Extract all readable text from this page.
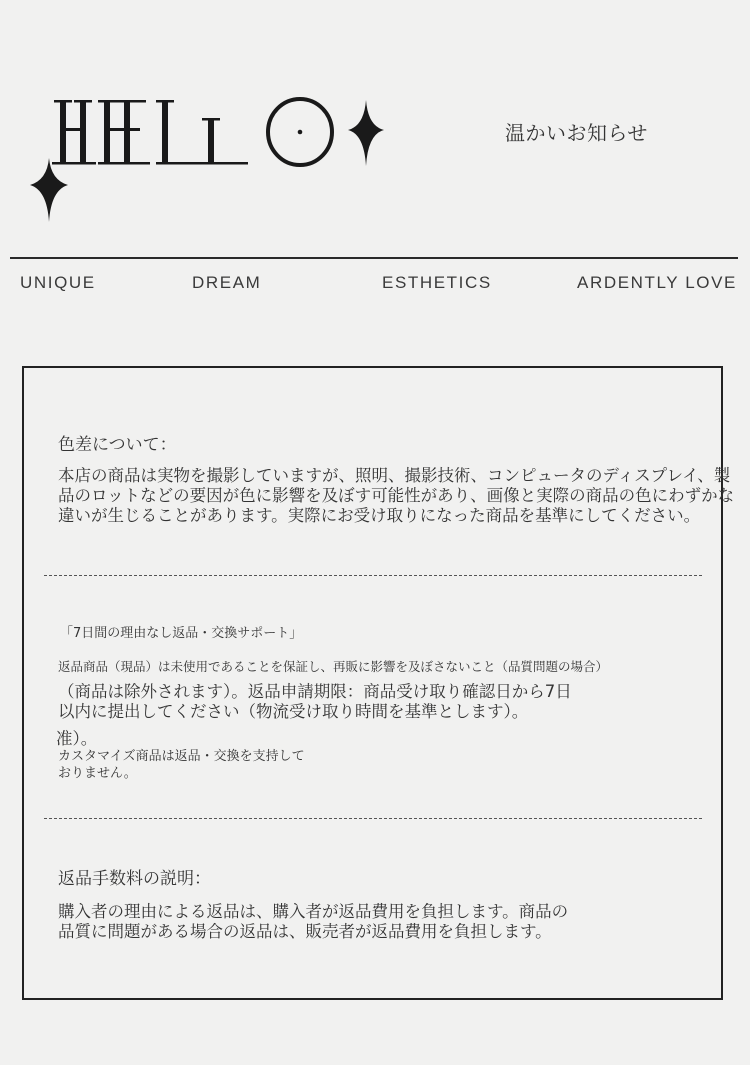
温かいお知らせ
UNIQUE	DREAM	ESTHETICS	ARDENTLY LOVE
色差について：
本店の商品は実物を撮影していますが、照明、撮影技術、コンピュータのディスプレイ、製
品のロットなどの要因が色に影響を及ぼす可能性があり、画像と実際の商品の色にわずかな
違いが生じることがあります。実際にお受け取りになった商品を基準にしてください。
「7日間の理由なし返品・交換サポート」
返品商品（現品）は未使用であることを保証し、再販に影響を及ぼさないこと（品質問題の場合）
（商品は除外されます）。返品申請期限：商品受け取り確認日から7日
以内に提出してください（物流受け取り時間を基準とします）。
准）。
カスタマイズ商品は返品・交換を支持して
おりません。
返品手数料の説明：
購入者の理由による返品は、購入者が返品費用を負担します。商品の
品質に問題がある場合の返品は、販売者が返品費用を負担します。
